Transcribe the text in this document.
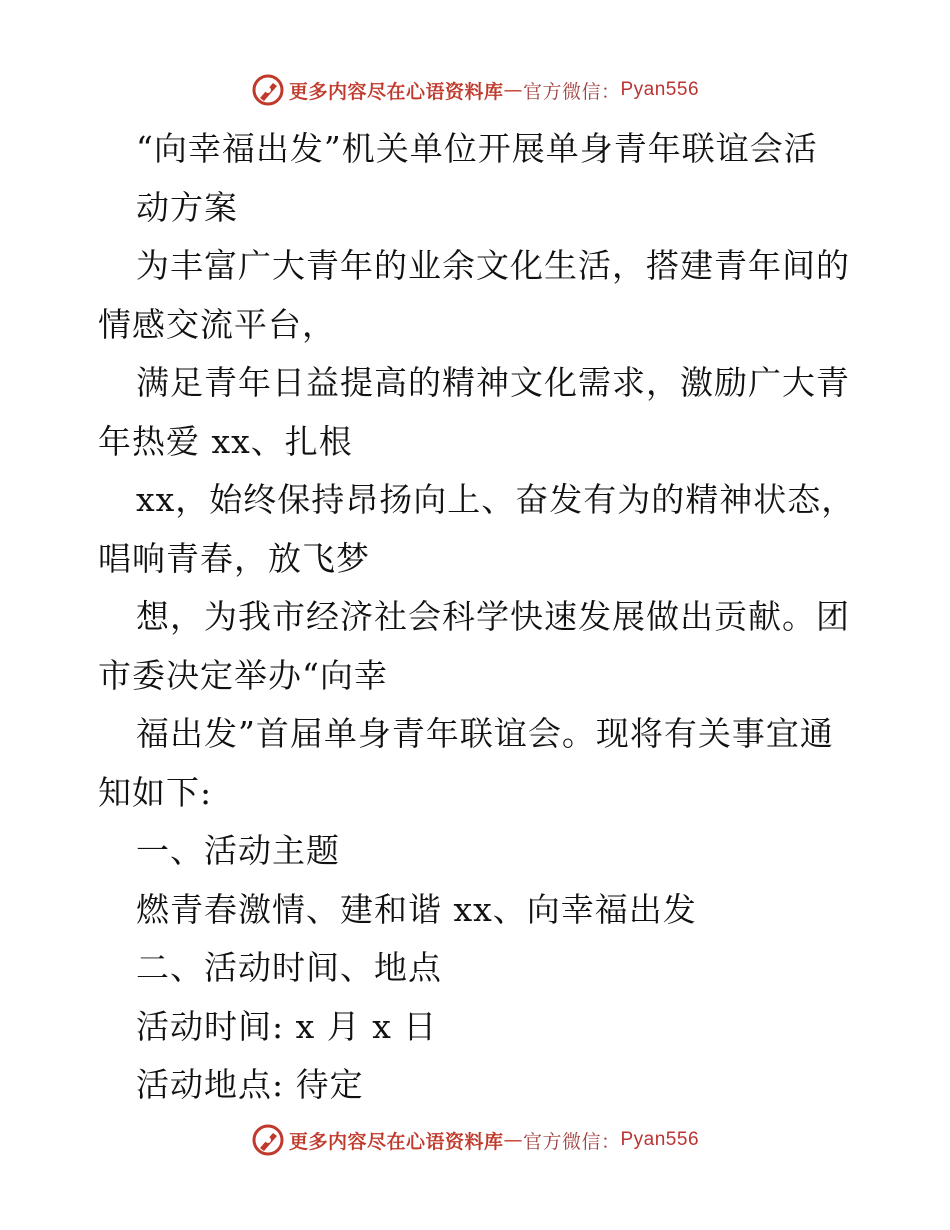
更多内容尽在心语资料库 — 官方微信： Pyan556
“向幸福出发”机关单位开展单身青年联谊会活
动方案
为丰富广大青年的业余文化生活，搭建青年间的
情感交流平台，
满足青年日益提高的精神文化需求，激励广大青
年热爱 xx、扎根
xx，始终保持昂扬向上、奋发有为的精神状态，
唱响青春，放飞梦
想，为我市经济社会科学快速发展做出贡献。团
市委决定举办“向幸
福出发”首届单身青年联谊会。现将有关事宜通
知如下:
一、活动主题
燃青春激情、建和谐 xx、向幸福出发
二、活动时间、地点
活动时间: x 月 x 日
活动地点: 待定
更多内容尽在心语资料库 — 官方微信： Pyan556
